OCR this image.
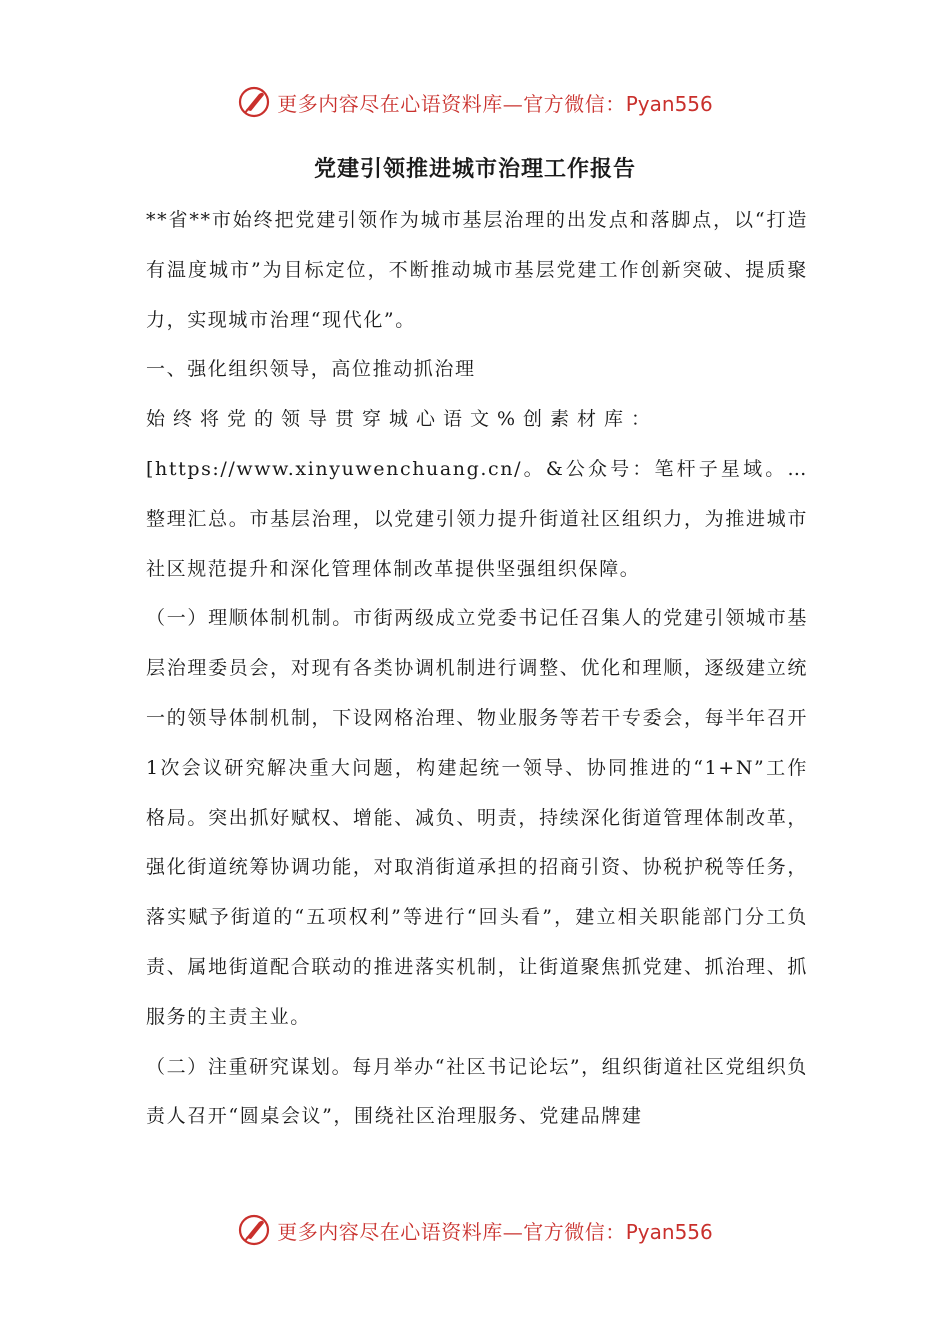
更多内容尽在心语资料库—官方微信：Pyan556
党建引领推进城市治理工作报告

**省**市始终把党建引领作为城市基层治理的出发点和落脚点，以“打造有温度城市”为目标定位，不断推动城市基层党建工作创新突破、提质聚力，实现城市治理“现代化”。

一、强化组织领导，高位推动抓治理

始终将党的领导贯穿城心语文%创素材库：

[https://www.xinyuwenchuang.cn/。&公众号：笔杆子星域。…整理汇总。市基层治理，以党建引领力提升街道社区组织力，为推进城市社区规范提升和深化管理体制改革提供坚强组织保障。

（一）理顺体制机制。市街两级成立党委书记任召集人的党建引领城市基层治理委员会，对现有各类协调机制进行调整、优化和理顺，逐级建立统一的领导体制机制，下设网格治理、物业服务等若干专委会，每半年召开1次会议研究解决重大问题，构建起统一领导、协同推进的“1+N”工作格局。突出抓好赋权、增能、减负、明责，持续深化街道管理体制改革，强化街道统筹协调功能，对取消街道承担的招商引资、协税护税等任务，落实赋予街道的“五项权利”等进行“回头看”，建立相关职能部门分工负责、属地街道配合联动的推进落实机制，让街道聚焦抓党建、抓治理、抓服务的主责主业。

（二）注重研究谋划。每月举办“社区书记论坛”，组织街道社区党组织负责人召开“圆桌会议”，围绕社区治理服务、党建品牌建

更多内容尽在心语资料库—官方微信：Pyan556
